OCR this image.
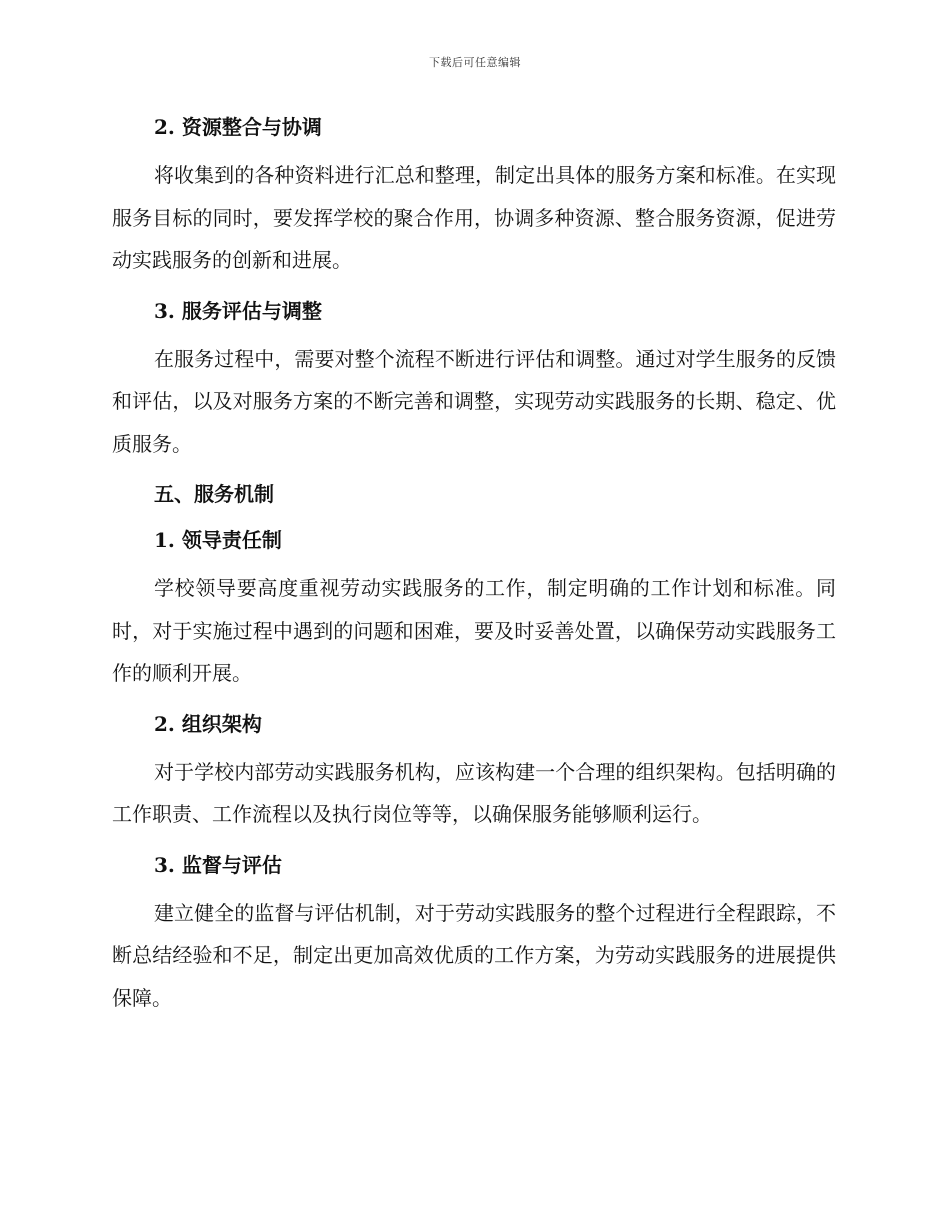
下载后可任意编辑
2. 资源整合与协调

将收集到的各种资料进行汇总和整理，制定出具体的服务方案和标准。在实现服务目标的同时，要发挥学校的聚合作用，协调多种资源、整合服务资源，促进劳动实践服务的创新和进展。

3. 服务评估与调整

在服务过程中，需要对整个流程不断进行评估和调整。通过对学生服务的反馈和评估，以及对服务方案的不断完善和调整，实现劳动实践服务的长期、稳定、优质服务。

五、服务机制
1. 领导责任制

学校领导要高度重视劳动实践服务的工作，制定明确的工作计划和标准。同时，对于实施过程中遇到的问题和困难，要及时妥善处置，以确保劳动实践服务工作的顺利开展。

2. 组织架构

对于学校内部劳动实践服务机构，应该构建一个合理的组织架构。包括明确的工作职责、工作流程以及执行岗位等等，以确保服务能够顺利运行。

3. 监督与评估

建立健全的监督与评估机制，对于劳动实践服务的整个过程进行全程跟踪，不断总结经验和不足，制定出更加高效优质的工作方案，为劳动实践服务的进展提供保障。
